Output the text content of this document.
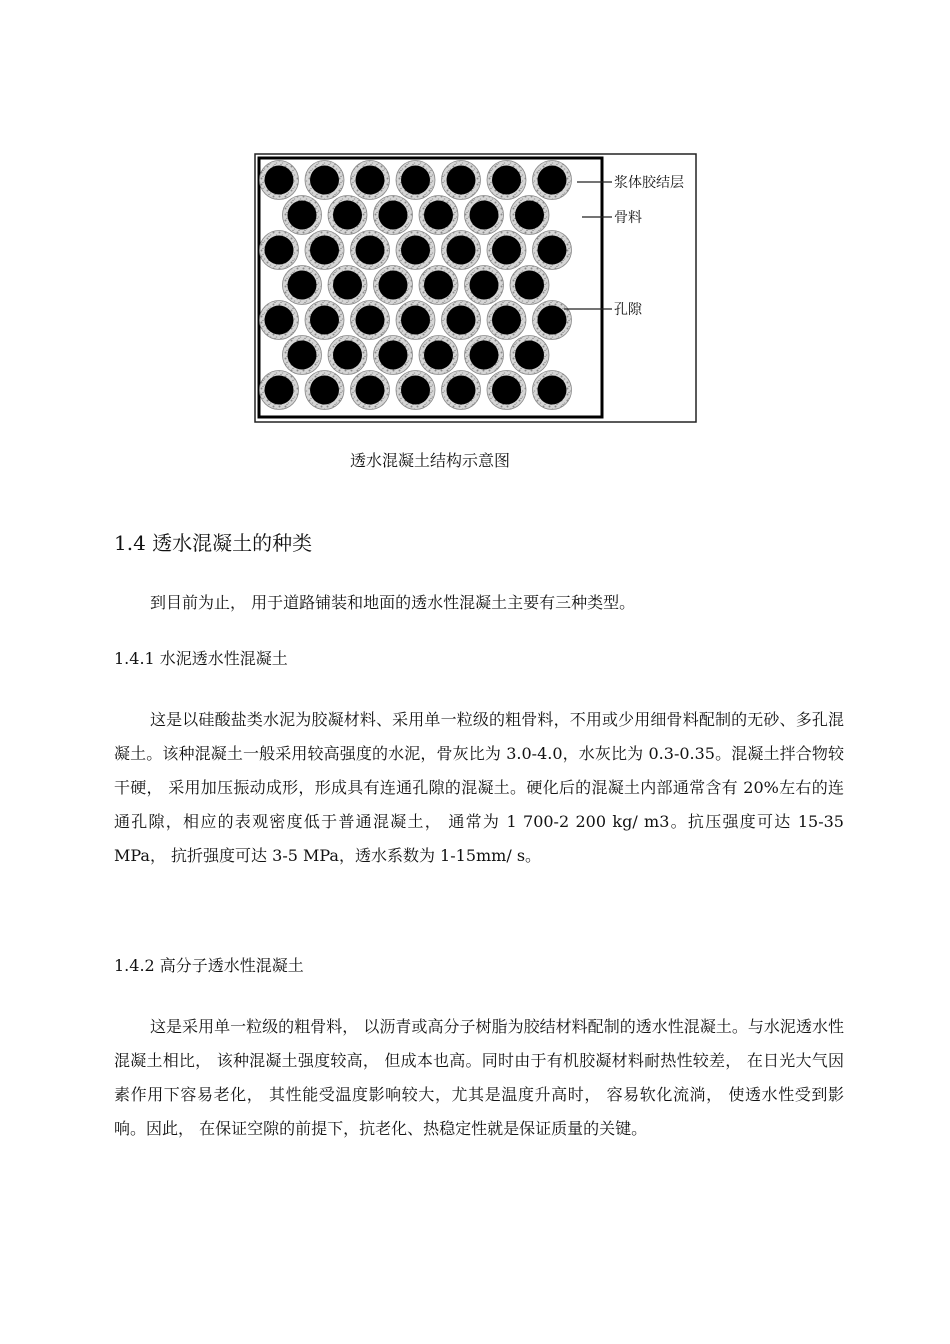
浆体胶结层
骨料
孔隙
透水混凝土结构示意图
1.4 透水混凝土的种类

到目前为止， 用于道路铺装和地面的透水性混凝土主要有三种类型。

1.4.1 水泥透水性混凝土

这是以硅酸盐类水泥为胶凝材料、采用单一粒级的粗骨料，不用或少用细骨料配制的无砂、多孔混凝土。该种混凝土一般采用较高强度的水泥，骨灰比为 3.0-4.0，水灰比为 0.3-0.35。混凝土拌合物较干硬， 采用加压振动成形，形成具有连通孔隙的混凝土。硬化后的混凝土内部通常含有 20%左右的连通孔隙，相应的表观密度低于普通混凝土， 通常为 1 700-2 200 kg/ m3。抗压强度可达 15-35 MPa， 抗折强度可达 3-5 MPa，透水系数为 1-15mm/ s。

1.4.2 高分子透水性混凝土

这是采用单一粒级的粗骨料， 以沥青或高分子树脂为胶结材料配制的透水性混凝土。与水泥透水性混凝土相比， 该种混凝土强度较高， 但成本也高。同时由于有机胶凝材料耐热性较差， 在日光大气因素作用下容易老化， 其性能受温度影响较大，尤其是温度升高时， 容易软化流淌， 使透水性受到影响。因此， 在保证空隙的前提下，抗老化、热稳定性就是保证质量的关键。
